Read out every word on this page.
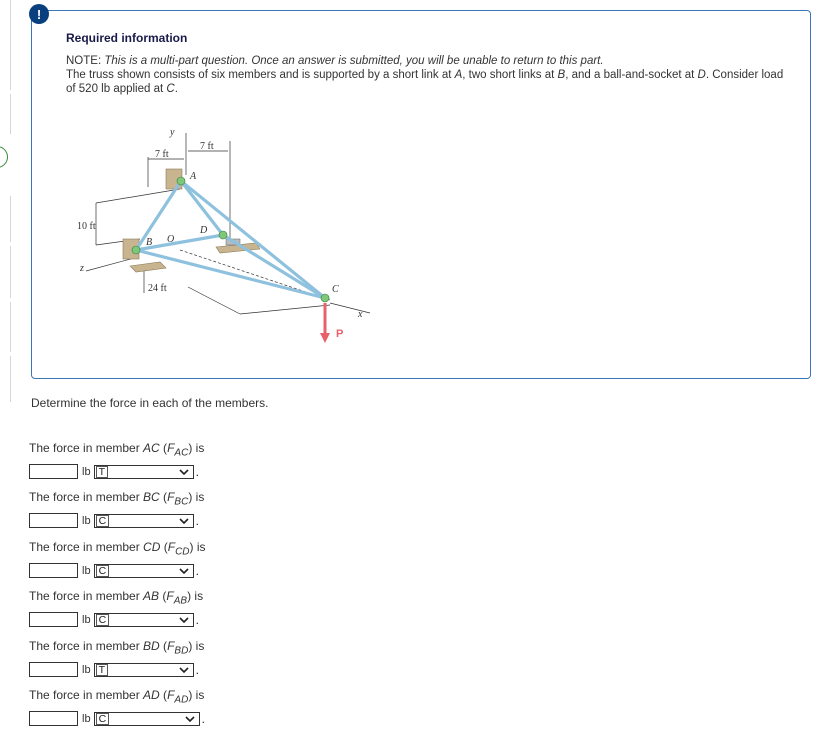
!
Required information
NOTE: This is a multi-part question. Once an answer is submitted, you will be unable to return to this part.
The truss shown consists of six members and is supported by a short link at A, two short links at B, and a ball-and-socket at D. Consider load of 520 lb applied at C.
y
7 ft
7 ft
10 ft
z
A
B O
D
C
x
24 ft
P
Determine the force in each of the members.
The force in member AC $(F_{AC})$ is
lb T	.
The force in member BC $(F_{BC})$ is
lb C	.
The force in member CD $(F_{CD})$ is
lb C	.
The force in member AB $(F_{AB})$ is
lb C	.
The force in member BD $(F_{BD})$ is
lb T	.
The force in member AD $(F_{AD})$ is
lb C	.
